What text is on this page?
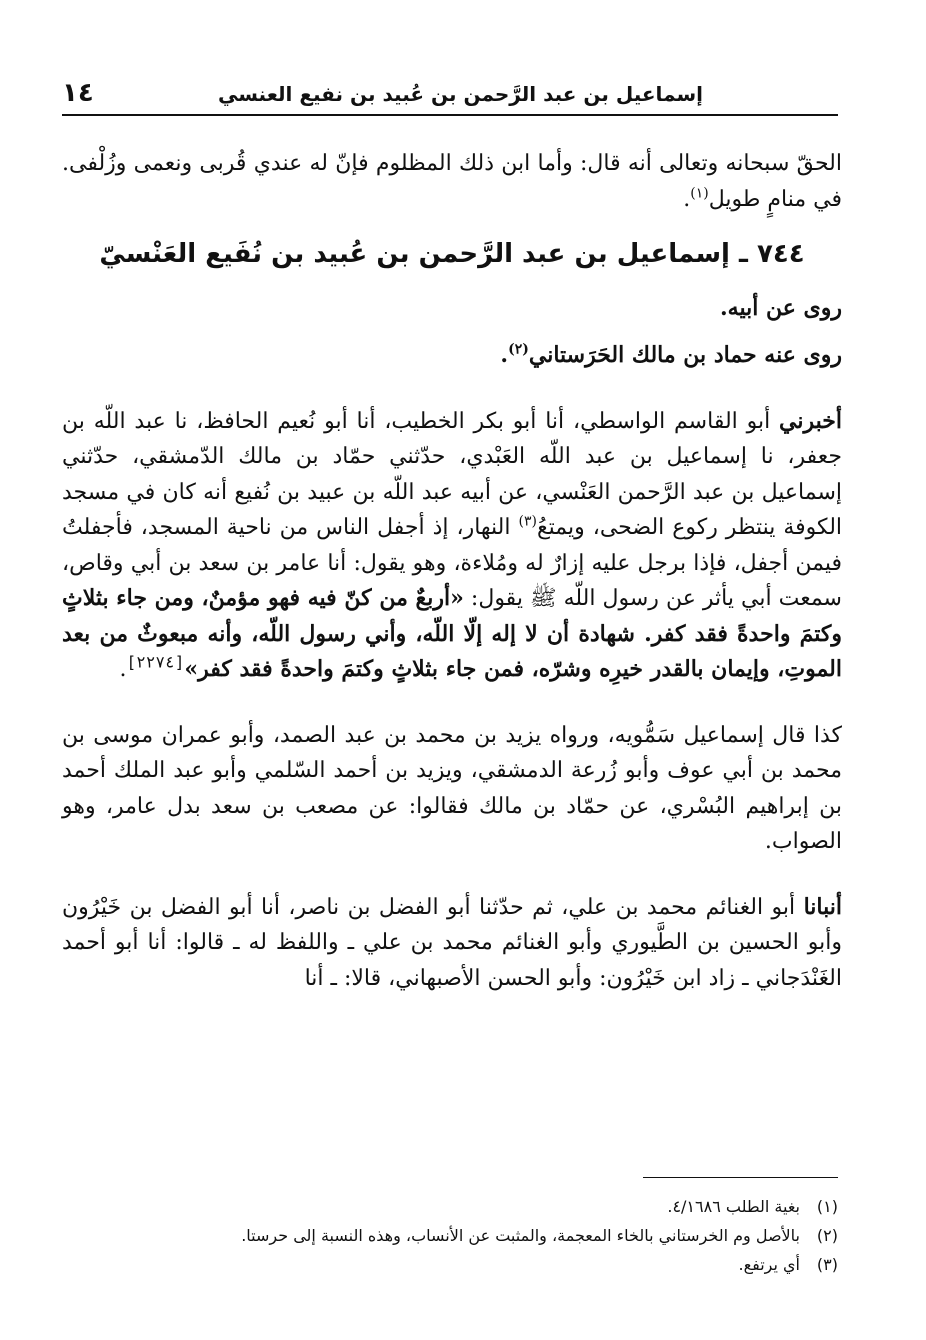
إسماعيل بن عبد الرَّحمن بن عُبيد بن نفيع العنسي
١٤

الحقّ سبحانه وتعالى أنه قال: وأما ابن ذلك المظلوم فإنّ له عندي قُربى ونعمى وزُلْفى. في منامٍ طويل$^{(١)}$.

٧٤٤ ـ إسماعيل بن عبد الرَّحمن بن عُبيد بن نُفَيع العَنْسيّ

روى عن أبيه.

روى عنه حماد بن مالك الحَرَستاني$^{(٢)}$.

أخبرني أبو القاسم الواسطي، أنا أبو بكر الخطيب، أنا أبو نُعيم الحافظ، نا عبد اللّه بن جعفر، نا إسماعيل بن عبد اللّه العَبْدي، حدّثني حمّاد بن مالك الدّمشقي، حدّثني إسماعيل بن عبد الرَّحمن العَنْسي، عن أبيه عبد اللّه بن عبيد بن نُفيع أنه كان في مسجد الكوفة ينتظر ركوع الضحى، ويمتعُ$^{(٣)}$ النهار، إذ أجفل الناس من ناحية المسجد، فأجفلتُ فيمن أجفل، فإذا برجل عليه إزارٌ له ومُلاءة، وهو يقول: أنا عامر بن سعد بن أبي وقاص، سمعت أبي يأثر عن رسول اللّه ﷺ يقول: «أربعٌ من كنّ فيه فهو مؤمنٌ، ومن جاء بثلاثٍ وكتمَ واحدةً فقد كفر. شهادة أن لا إله إلّا اللّه، وأني رسول اللّه، وأنه مبعوثٌ من بعد الموتِ، وإيمان بالقدر خيرِه وشرّه، فمن جاء بثلاثٍ وكتمَ واحدةً فقد كفر»[٢٢٧٤].

كذا قال إسماعيل سَمُّويه، ورواه يزيد بن محمد بن عبد الصمد، وأبو عمران موسى بن محمد بن أبي عوف وأبو زُرعة الدمشقي، ويزيد بن أحمد السّلمي وأبو عبد الملك أحمد بن إبراهيم البُسْري، عن حمّاد بن مالك فقالوا: عن مصعب بن سعد بدل عامر، وهو الصواب.

أنبانا أبو الغنائم محمد بن علي، ثم حدّثنا أبو الفضل بن ناصر، أنا أبو الفضل بن خَيْرُون وأبو الحسين بن الطَّيوري وأبو الغنائم محمد بن علي ـ واللفظ له ـ قالوا: أنا أبو أحمد الغَنْدَجاني ـ زاد ابن خَيْرُون: وأبو الحسن الأصبهاني، قالا: ـ أنا

(١)بغية الطلب ٤/١٦٨٦.
(٢)بالأصل وم الخرستاني بالخاء المعجمة، والمثبت عن الأنساب، وهذه النسبة إلى حرستا.
(٣)أي يرتفع.
